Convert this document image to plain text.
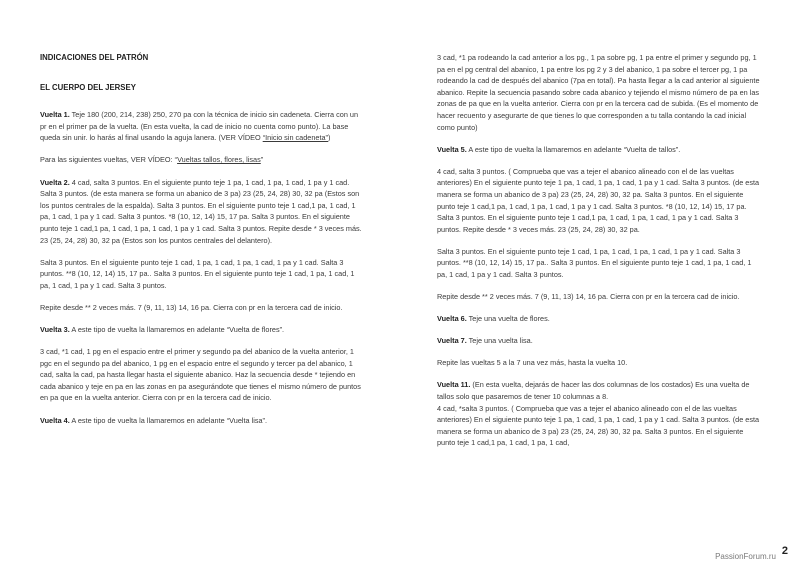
INDICACIONES DEL PATRÓN

EL CUERPO DEL JERSEY

Vuelta 1. Teje 180 (200, 214, 238) 250, 270 pa con la técnica de inicio sin cadeneta. Cierra con un pr en el primer pa de la vuelta. (En esta vuelta, la cad de inicio no cuenta como punto). La base queda sin unir. lo harás al final usando la aguja lanera. (VER VÍDEO “Inicio sin cadeneta”)

Para las siguientes vueltas, VER VÍDEO: “Vueltas tallos, flores, lisas”

Vuelta 2. 4 cad, salta 3 puntos. En el siguiente punto teje 1 pa, 1 cad, 1 pa, 1 cad, 1 pa y 1 cad. Salta 3 puntos. (de esta manera se forma un abanico de 3 pa) 23 (25, 24, 28) 30, 32 pa (Estos son los puntos centrales de la espalda). Salta 3 puntos. En el siguiente punto teje 1 cad,1 pa, 1 cad, 1 pa, 1 cad, 1 pa y 1 cad. Salta 3 puntos. *8 (10, 12, 14) 15, 17 pa. Salta 3 puntos. En el siguiente punto teje 1 cad,1 pa, 1 cad, 1 pa, 1 cad, 1 pa y 1 cad. Salta 3 puntos. Repite desde * 3 veces más. 23 (25, 24, 28) 30, 32 pa (Estos son los puntos centrales del delantero).

Salta 3 puntos. En el siguiente punto teje 1 cad, 1 pa, 1 cad, 1 pa, 1 cad, 1 pa y 1 cad. Salta 3 puntos. **8 (10, 12, 14) 15, 17 pa.. Salta 3 puntos. En el siguiente punto teje 1 cad, 1 pa, 1 cad, 1 pa, 1 cad, 1 pa y 1 cad. Salta 3 puntos.

Repite desde ** 2 veces más. 7 (9, 11, 13) 14, 16 pa. Cierra con pr en la tercera cad de inicio.

Vuelta 3. A este tipo de vuelta la llamaremos en adelante “Vuelta de flores”.

3 cad, *1 cad, 1 pg en el espacio entre el primer y segundo pa del abanico de la vuelta anterior, 1 pgc en el segundo pa del abanico, 1 pg en el espacio entre el segundo y tercer pa del abanico, 1 cad, salta la cad, pa hasta llegar hasta el siguiente abanico. Haz la secuencia desde * tejiendo en cada abanico y teje en pa en las zonas en pa asegurándote que tienes el mismo número de puntos en pa que en la vuelta anterior. Cierra con pr en la tercera cad de inicio.

Vuelta 4. A este tipo de vuelta la llamaremos en adelante “Vuelta lisa”.

3 cad, *1 pa rodeando la cad anterior a los pg., 1 pa sobre pg, 1 pa entre el primer y segundo pg, 1 pa en el pg central del abanico, 1 pa entre los pg 2 y 3 del abanico, 1 pa sobre el tercer pg, 1 pa rodeando la cad de después del abanico (7pa en total). Pa hasta llegar a la cad anterior al siguiente abanico. Repite la secuencia pasando sobre cada abanico y tejiendo el mismo número de pa en las zonas de pa que en la vuelta anterior. Cierra con pr en la tercera cad de subida. (Es el momento de hacer recuento y asegurarte de que tienes lo que corresponden a tu talla contando la cad inicial como punto)

Vuelta 5. A este tipo de vuelta la llamaremos en adelante “Vuelta de tallos”.

4 cad, salta 3 puntos. ( Comprueba que vas a tejer el abanico alineado con el de las vueltas anteriores) En el siguiente punto teje 1 pa, 1 cad, 1 pa, 1 cad, 1 pa y 1 cad. Salta 3 puntos. (de esta manera se forma un abanico de 3 pa) 23 (25, 24, 28) 30, 32 pa. Salta 3 puntos. En el siguiente punto teje 1 cad,1 pa, 1 cad, 1 pa, 1 cad, 1 pa y 1 cad. Salta 3 puntos. *8 (10, 12, 14) 15, 17 pa. Salta 3 puntos. En el siguiente punto teje 1 cad,1 pa, 1 cad, 1 pa, 1 cad, 1 pa y 1 cad. Salta 3 puntos. Repite desde * 3 veces más. 23 (25, 24, 28) 30, 32 pa.

Salta 3 puntos. En el siguiente punto teje 1 cad, 1 pa, 1 cad, 1 pa, 1 cad, 1 pa y 1 cad. Salta 3 puntos. **8 (10, 12, 14) 15, 17 pa.. Salta 3 puntos. En el siguiente punto teje 1 cad, 1 pa, 1 cad, 1 pa, 1 cad, 1 pa y 1 cad. Salta 3 puntos.

Repite desde ** 2 veces más. 7 (9, 11, 13) 14, 16 pa. Cierra con pr en la tercera cad de inicio.

Vuelta 6. Teje una vuelta de flores.

Vuelta 7. Teje una vuelta lisa.

Repite las vueltas 5 a la 7 una vez más, hasta la vuelta 10.

Vuelta 11. (En esta vuelta, dejarás de hacer las dos columnas de los costados) Es una vuelta de tallos solo que pasaremos de tener 10 columnas a 8.

4 cad, *salta 3 puntos. ( Comprueba que vas a tejer el abanico alineado con el de las vueltas anteriores) En el siguiente punto teje 1 pa, 1 cad, 1 pa, 1 cad, 1 pa y 1 cad. Salta 3 puntos. (de esta manera se forma un abanico de 3 pa) 23 (25, 24, 28) 30, 32 pa. Salta 3 puntos. En el siguiente punto teje 1 cad,1 pa, 1 cad, 1 pa, 1 cad,

2
PassionForum.ru
